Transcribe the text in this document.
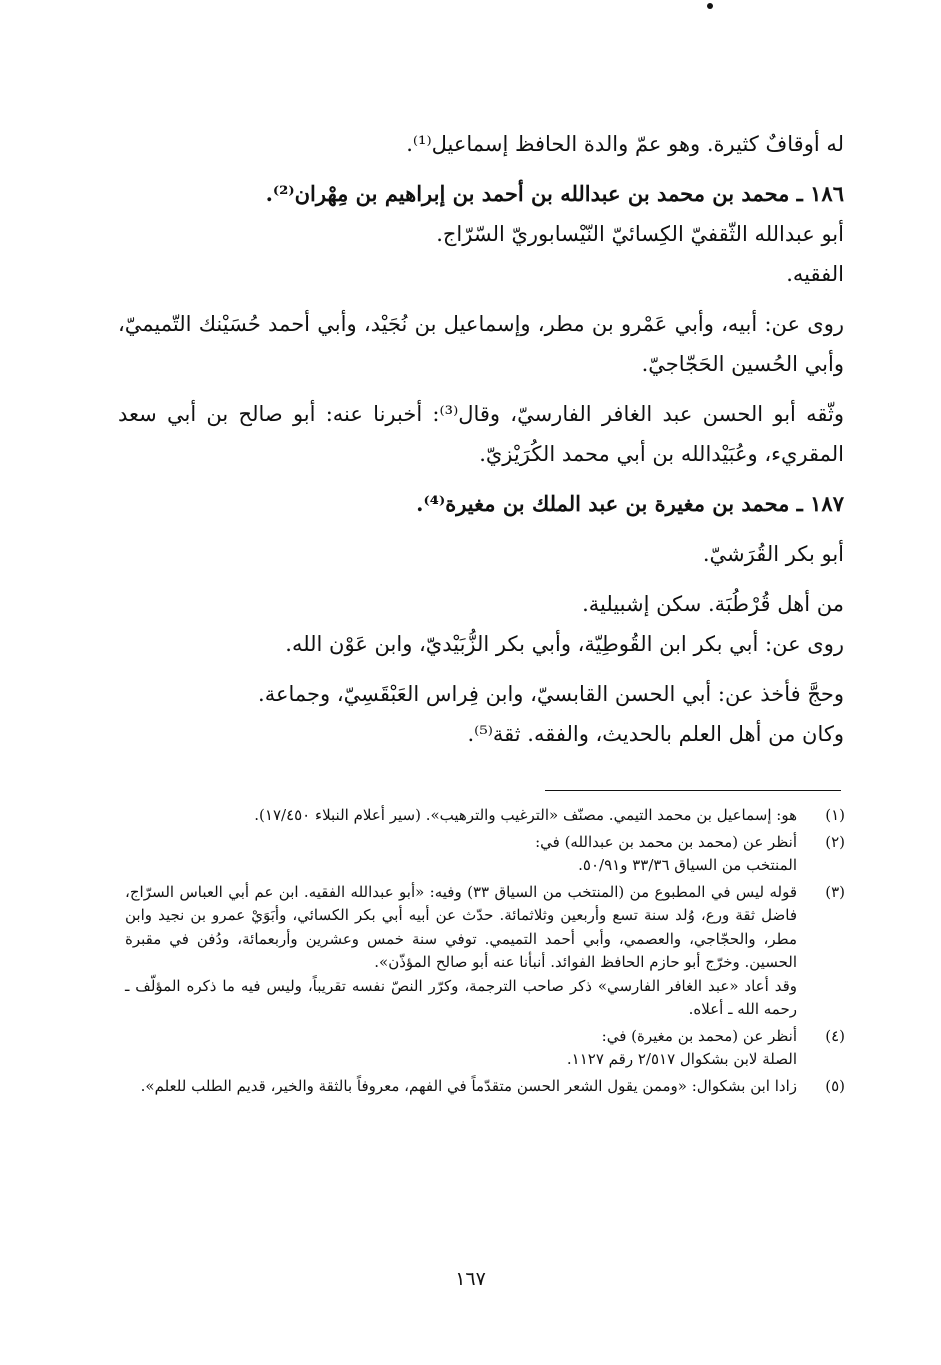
له أوقافٌ كثيرة. وهو عمّ والدة الحافظ إسماعيل⁽¹⁾.

١٨٦ ـ محمد بن محمد بن عبدالله بن أحمد بن إبراهيم بن مِهْران⁽²⁾.

أبو عبدالله الثّقفيّ الكِسائيّ النّيْسابوريّ السّرّاج.

الفقيه.

روى عن: أبيه، وأبي عَمْرو بن مطر، وإسماعيل بن نُجَيْد، وأبي أحمد حُسَيْنك التّميميّ، وأبي الحُسين الحَجّاجيّ.

وثّقه أبو الحسن عبد الغافر الفارسيّ، وقال⁽³⁾: أخبرنا عنه: أبو صالح بن أبي سعد المقريء، وعُبَيْدالله بن أبي محمد الكُرَيْزيّ.

١٨٧ ـ محمد بن مغيرة بن عبد الملك بن مغيرة⁽⁴⁾.

أبو بكر القُرَشيّ.

من أهل قُرْطُبَة. سكن إشبيلية.

روى عن: أبي بكر ابن القُوطِيّة، وأبي بكر الزُّبَيْديّ، وابن عَوْن الله.

وحجَّ فأخذ عن: أبي الحسن القابسيّ، وابن فِراس العَبْقَسِيّ، وجماعة.

وكان من أهل العلم بالحديث، والفقه. ثقة⁽⁵⁾.

(١)

هو: إسماعيل بن محمد التيمي. مصنّف «الترغيب والترهيب». (سير أعلام النبلاء ١٧/٤٥٠).

(٢)

أنظر عن (محمد بن محمد بن عبدالله) في:

المنتخب من السياق ٣٣/٣٦ و٥٠/٩١.

(٣)

قوله ليس في المطبوع من (المنتخب من السياق ٣٣) وفيه: «أبو عبدالله الفقيه. ابن عم أبي العباس السرّاج، فاضل ثقة ورع، وُلد سنة تسع وأربعين وثلاثمائة. حدّث عن أبيه أبي بكر الكسائي، وأبَوَيْ عمرو بن نجيد وابن مطر، والحجّاجي، والعصمي، وأبي أحمد التميمي. توفي سنة خمس وعشرين وأربعمائة، ودُفن في مقبرة الحسين. وخرّج أبو حازم الحافظ الفوائد. أنبأنا عنه أبو صالح المؤذّن».

وقد أعاد «عبد الغافر الفارسي» ذكر صاحب الترجمة، وكرّر النصّ نفسه تقريباً، وليس فيه ما ذكره المؤلّف ـ رحمه الله ـ أعلاه.

(٤)

أنظر عن (محمد بن مغيرة) في:

الصلة لابن بشكوال ٢/٥١٧ رقم ١١٢٧.

(٥)

زادا ابن بشكوال: «وممن يقول الشعر الحسن متقدّماً في الفهم، معروفاً بالثقة والخير، قديم الطلب للعلم».

١٦٧
